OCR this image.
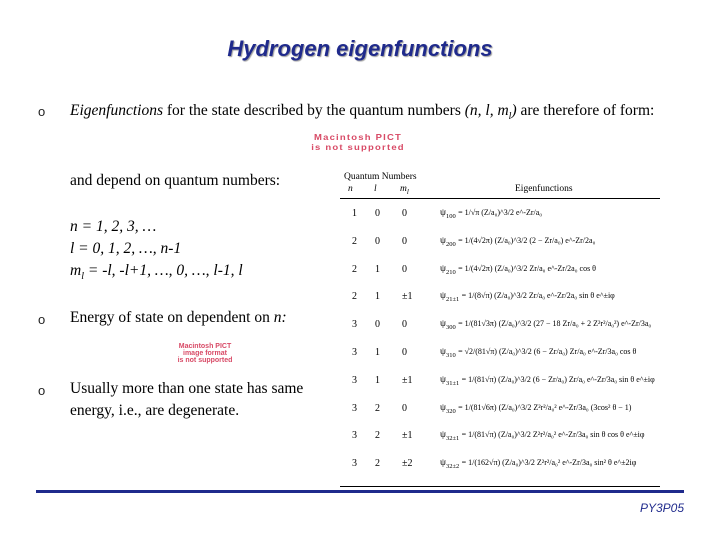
Hydrogen eigenfunctions
o Eigenfunctions for the state described by the quantum numbers (n, l, $m_l$) are therefore of form:
Macintosh PICT
is not supported
and depend on quantum numbers:
n = 1, 2, 3, …
l = 0, 1, 2, …, n-1
$m_l = -l$, -l+1, …, 0, …, l-1, l
o Energy of state on dependent on n:
Macintosh PICT
image format
is not supported
o Usually more than one state has same
energy, i.e., are degenerate.
Quantum Numbers
n l $m_l$	Eigenfunctions
1 0 0	$\psi_{100} = 1/√\pi$ (Z/a₀)^3/2 e^-Zr/a₀
2 0 0	$\psi_{200} = 1/(4√2\pi)$ (Z/a₀)^3/2 (2 − Zr/a₀) e^-Zr/2a₀
2 1 0	$\psi_{210} = 1/(4√2\pi)$ (Z/a₀)^3/2 Zr/a₀ e^-Zr/2a₀ cos θ
2 1 ±1	$\psi_{21\pm 1} = 1/(8√\pi)$ (Z/a₀)^3/2 Zr/a₀ e^-Zr/2a₀ sin θ e^±iφ
3 0 0	$\psi_{300} = 1/(81√3\pi)$ (Z/a₀)^3/2 (27 − 18 Zr/a₀ + 2 Z²r²/a₀²) e^-Zr/3a₀
3 1 0	$\psi_{310} = √2/(81√\pi)$ (Z/a₀)^3/2 (6 − Zr/a₀) Zr/a₀ e^-Zr/3a₀ cos θ
3 1 ±1	$\psi_{31\pm 1} = 1/(81√\pi)$ (Z/a₀)^3/2 (6 − Zr/a₀) Zr/a₀ e^-Zr/3a₀ sin θ e^±iφ
3 2 0	$\psi_{320} = 1/(81√6\pi)$ (Z/a₀)^3/2 Z²r²/a₀² e^-Zr/3a₀ (3cos² θ − 1)
3 2 ±1	$\psi_{32\pm 1} = 1/(81√\pi)$ (Z/a₀)^3/2 Z²r²/a₀² e^-Zr/3a₀ sin θ cos θ e^±iφ
3 2 ±2	$\psi_{32\pm 2} = 1/(162√\pi)$ (Z/a₀)^3/2 Z²r²/a₀² e^-Zr/3a₀ sin² θ e^±2iφ
PY3P05
